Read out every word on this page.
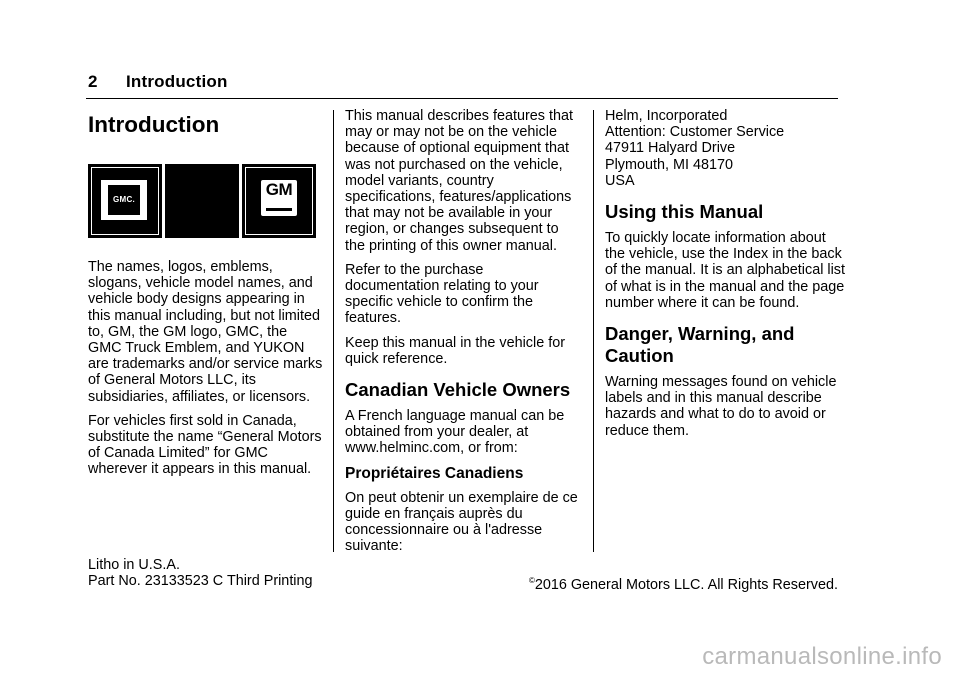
2 Introduction
Introduction
GMC.
GM

The names, logos, emblems, slogans, vehicle model names, and vehicle body designs appearing in this manual including, but not limited to, GM, the GM logo, GMC, the GMC Truck Emblem, and YUKON are trademarks and/or service marks of General Motors LLC, its subsidiaries, affiliates, or licensors.

For vehicles first sold in Canada, substitute the name “General Motors of Canada Limited” for GMC wherever it appears in this manual.

This manual describes features that may or may not be on the vehicle because of optional equipment that was not purchased on the vehicle, model variants, country specifications, features/applications that may not be available in your region, or changes subsequent to the printing of this owner manual.

Refer to the purchase documentation relating to your specific vehicle to confirm the features.

Keep this manual in the vehicle for quick reference.

Canadian Vehicle Owners

A French language manual can be obtained from your dealer, at www.helminc.com, or from:

Propriétaires Canadiens

On peut obtenir un exemplaire de ce guide en français auprès du concessionnaire ou à l'adresse suivante:

Helm, Incorporated
Attention: Customer Service
47911 Halyard Drive
Plymouth, MI 48170
USA

Using this Manual

To quickly locate information about the vehicle, use the Index in the back of the manual. It is an alphabetical list of what is in the manual and the page number where it can be found.

Danger, Warning, and Caution

Warning messages found on vehicle labels and in this manual describe hazards and what to do to avoid or reduce them.

Litho in U.S.A.
Part No. 23133523 C Third Printing	©2016 General Motors LLC. All Rights Reserved.
carmanualsonline.info
